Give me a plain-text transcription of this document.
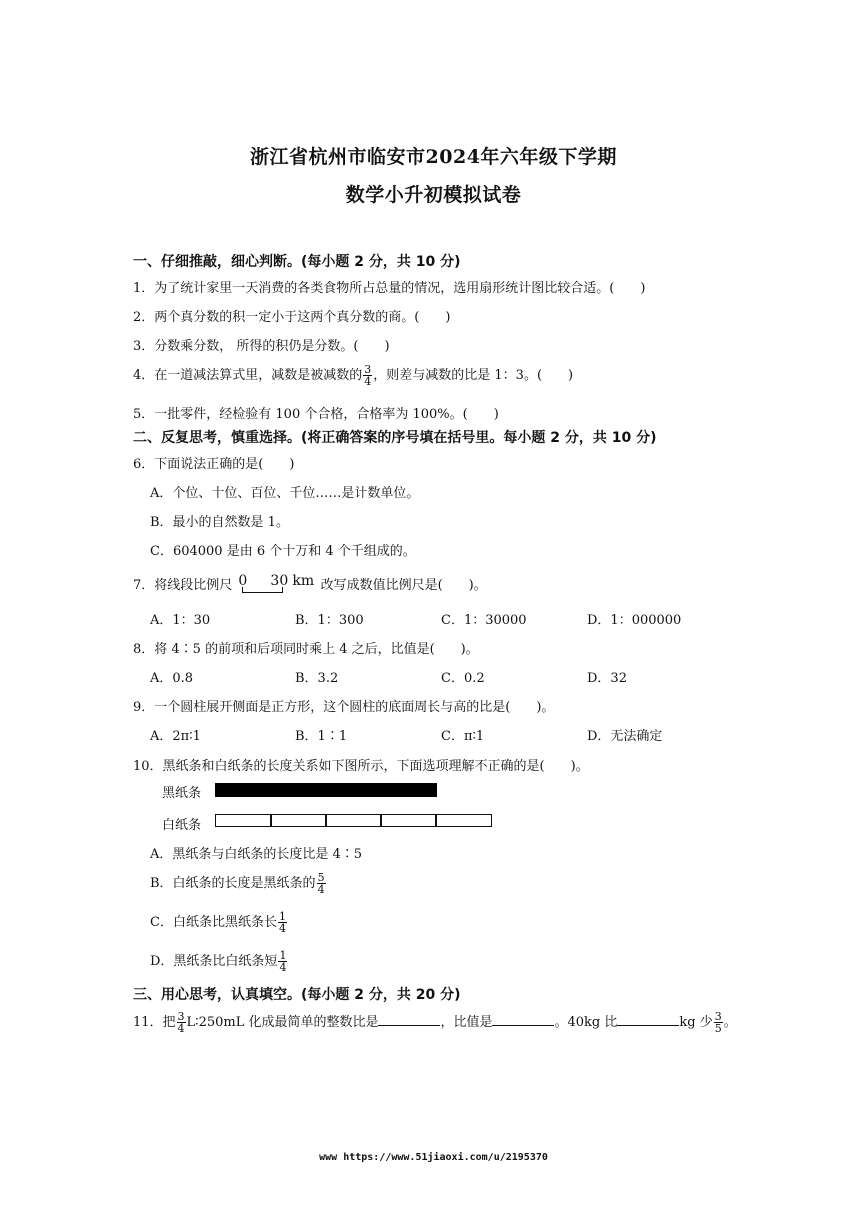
浙江省杭州市临安市2024年六年级下学期
数学小升初模拟试卷
一、仔细推敲，细心判断。(每小题 2 分，共 10 分)
1．为了统计家里一天消费的各类食物所占总量的情况，选用扇形统计图比较合适。(　　)
2．两个真分数的积一定小于这两个真分数的商。(　　)
3．分数乘分数， 所得的积仍是分数。(　　)
4．在一道减法算式里，减数是被减数的 $\frac{3}{4}$ ，则差与减数的比是 1：3。(　　)
5．一批零件，经检验有 100 个合格，合格率为 100%。(　　)
二、反复思考，慎重选择。(将正确答案的序号填在括号里。每小题 2 分，共 10 分)
6．下面说法正确的是(　　)
A．个位、十位、百位、千位……是计数单位。
B．最小的自然数是 1。
C．604000 是由 6 个十万和 4 个千组成的。
7．将线段比例尺 0 30 km 改写成数值比例尺是(　　)。
A．1：30	B．1：300	C．1：30000	D．1：000000
8．将 4∶5 的前项和后项同时乘上 4 之后，比值是(　　)。
A．0.8	B．3.2	C．0.2	D．32
9．一个圆柱展开侧面是正方形，这个圆柱的底面周长与高的比是(　　)。
A．2π∶1	B．1∶1	C．π∶1	D．无法确定
10．黑纸条和白纸条的长度关系如下图所示，下面选项理解不正确的是(　　)。
黑纸条
白纸条
A．黑纸条与白纸条的长度比是 4∶5
B．白纸条的长度是黑纸条的 $\frac{5}{4}$
C．白纸条比黑纸条长 $\frac{1}{4}$
D．黑纸条比白纸条短 $\frac{1}{4}$
三、用心思考，认真填空。(每小题 2 分，共 20 分)
11．把 $\frac{3}{4}$ L∶250mL 化成最简单的整数比是	，比值是	。40kg 比	kg 少 $\frac{3}{5}$ 。
www https://www.51jiaoxi.com/u/2195370
